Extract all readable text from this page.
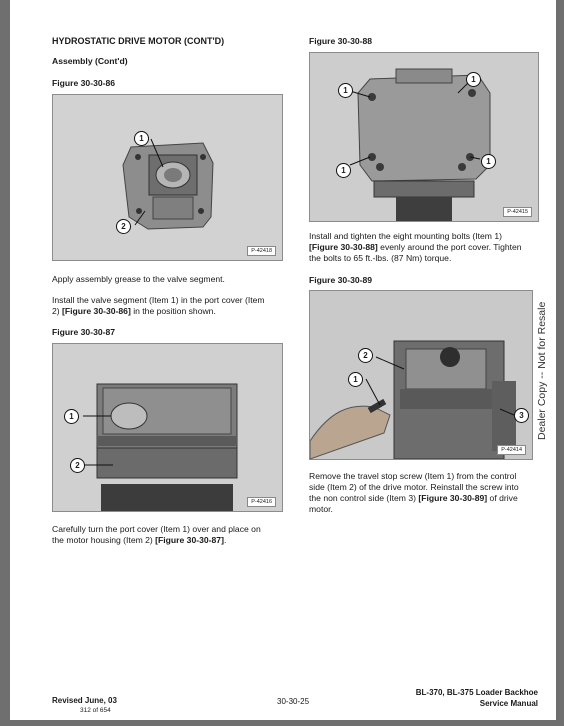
HYDROSTATIC DRIVE MOTOR (CONT'D)
Assembly (Cont'd)
Figure 30-30-86
1
2
P-42418
Apply assembly grease to the valve segment.
Install the valve segment (Item 1) in the port cover (Item
2) [Figure 30-30-86] in the position shown.
Figure 30-30-87
1
2
P-42416
Carefully turn the port cover (Item 1) over and place on
the motor housing (Item 2) [Figure 30-30-87].
Figure 30-30-88
1
1
1
1
P-42415
Install and tighten the eight mounting bolts (Item 1)
[Figure 30-30-88] evenly around the port cover. Tighten
the bolts to 65 ft.-lbs. (87 Nm) torque.
Figure 30-30-89
2
1
3
P-42414
Remove the travel stop screw (Item 1) from the control
side (Item 2) of the drive motor. Reinstall the screw into
the non control side (Item 3) [Figure 30-30-89] of drive
motor.
Dealer Copy -- Not for Resale
Revised June, 03
312 of 654
30-30-25
BL-370, BL-375 Loader Backhoe
Service Manual
